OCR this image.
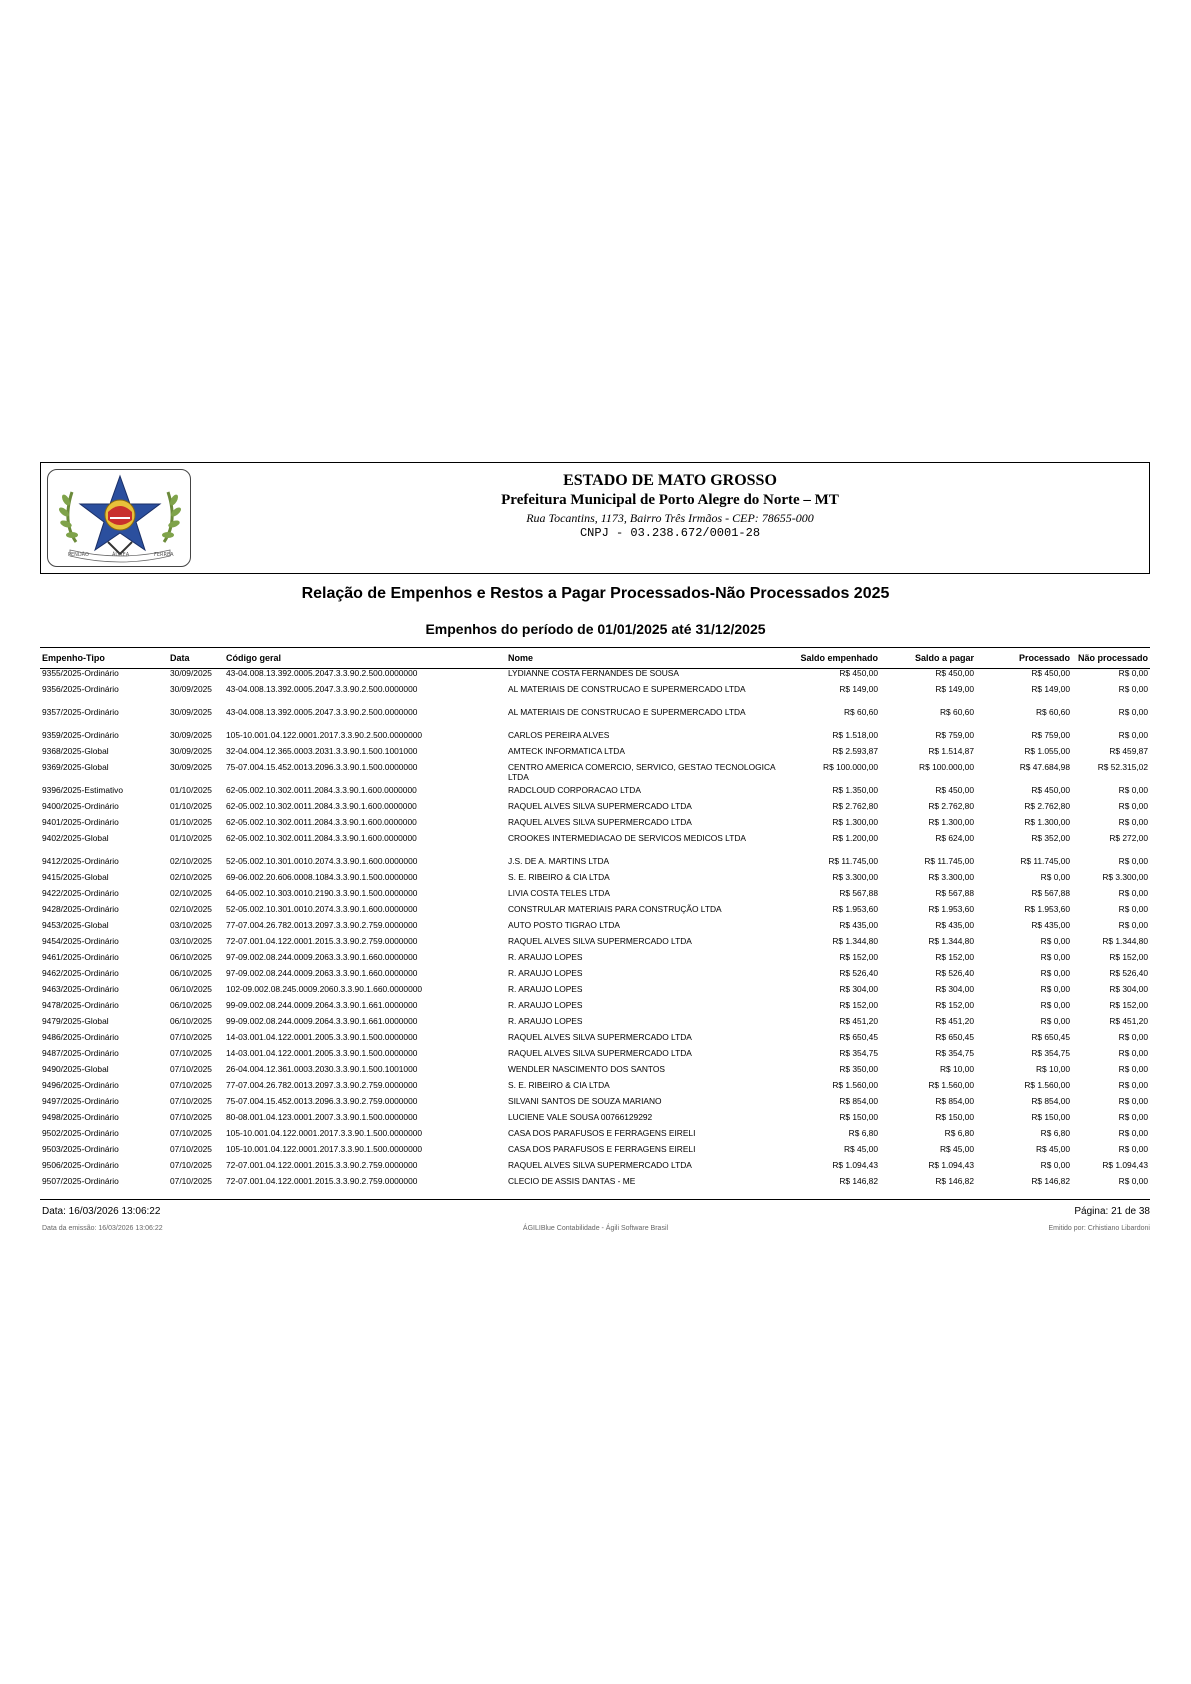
PENDÃO	ÁUREA	FERREA
ESTADO DE MATO GROSSO
Prefeitura Municipal de Porto Alegre do Norte – MT
Rua Tocantins, 1173, Bairro Três Irmãos - CEP: 78655-000
CNPJ - 03.238.672/0001-28
Relação de Empenhos e Restos a Pagar Processados-Não Processados 2025
Empenhos do período de 01/01/2025 até 31/12/2025
Empenho-Tipo	Data	Código geral	Nome	Saldo empenhado	Saldo a pagar	Processado	Não processado
9355/2025-Ordinário	30/09/2025	43-04.008.13.392.0005.2047.3.3.90.2.500.0000000	LYDIANNE COSTA FERNANDES DE SOUSA	R$ 450,00	R$ 450,00	R$ 450,00	R$ 0,00
9356/2025-Ordinário	30/09/2025	43-04.008.13.392.0005.2047.3.3.90.2.500.0000000	AL MATERIAIS DE CONSTRUCAO E SUPERMERCADO LTDA	R$ 149,00	R$ 149,00	R$ 149,00	R$ 0,00
9357/2025-Ordinário	30/09/2025	43-04.008.13.392.0005.2047.3.3.90.2.500.0000000	AL MATERIAIS DE CONSTRUCAO E SUPERMERCADO LTDA	R$ 60,60	R$ 60,60	R$ 60,60	R$ 0,00
9359/2025-Ordinário	30/09/2025	105-10.001.04.122.0001.2017.3.3.90.2.500.0000000	CARLOS PEREIRA ALVES	R$ 1.518,00	R$ 759,00	R$ 759,00	R$ 0,00
9368/2025-Global	30/09/2025	32-04.004.12.365.0003.2031.3.3.90.1.500.1001000	AMTECK INFORMATICA LTDA	R$ 2.593,87	R$ 1.514,87	R$ 1.055,00	R$ 459,87
9369/2025-Global	30/09/2025	75-07.004.15.452.0013.2096.3.3.90.1.500.0000000	CENTRO AMERICA COMERCIO, SERVICO, GESTAO TECNOLOGICA LTDA	R$ 100.000,00	R$ 100.000,00	R$ 47.684,98	R$ 52.315,02
9396/2025-Estimativo	01/10/2025	62-05.002.10.302.0011.2084.3.3.90.1.600.0000000	RADCLOUD CORPORACAO LTDA	R$ 1.350,00	R$ 450,00	R$ 450,00	R$ 0,00
9400/2025-Ordinário	01/10/2025	62-05.002.10.302.0011.2084.3.3.90.1.600.0000000	RAQUEL ALVES SILVA SUPERMERCADO LTDA	R$ 2.762,80	R$ 2.762,80	R$ 2.762,80	R$ 0,00
9401/2025-Ordinário	01/10/2025	62-05.002.10.302.0011.2084.3.3.90.1.600.0000000	RAQUEL ALVES SILVA SUPERMERCADO LTDA	R$ 1.300,00	R$ 1.300,00	R$ 1.300,00	R$ 0,00
9402/2025-Global	01/10/2025	62-05.002.10.302.0011.2084.3.3.90.1.600.0000000	CROOKES INTERMEDIACAO DE SERVICOS MEDICOS LTDA	R$ 1.200,00	R$ 624,00	R$ 352,00	R$ 272,00
9412/2025-Ordinário	02/10/2025	52-05.002.10.301.0010.2074.3.3.90.1.600.0000000	J.S. DE A. MARTINS LTDA	R$ 11.745,00	R$ 11.745,00	R$ 11.745,00	R$ 0,00
9415/2025-Global	02/10/2025	69-06.002.20.606.0008.1084.3.3.90.1.500.0000000	S. E. RIBEIRO & CIA LTDA	R$ 3.300,00	R$ 3.300,00	R$ 0,00	R$ 3.300,00
9422/2025-Ordinário	02/10/2025	64-05.002.10.303.0010.2190.3.3.90.1.500.0000000	LIVIA COSTA TELES LTDA	R$ 567,88	R$ 567,88	R$ 567,88	R$ 0,00
9428/2025-Ordinário	02/10/2025	52-05.002.10.301.0010.2074.3.3.90.1.600.0000000	CONSTRULAR MATERIAIS PARA CONSTRUÇÃO LTDA	R$ 1.953,60	R$ 1.953,60	R$ 1.953,60	R$ 0,00
9453/2025-Global	03/10/2025	77-07.004.26.782.0013.2097.3.3.90.2.759.0000000	AUTO POSTO TIGRAO LTDA	R$ 435,00	R$ 435,00	R$ 435,00	R$ 0,00
9454/2025-Ordinário	03/10/2025	72-07.001.04.122.0001.2015.3.3.90.2.759.0000000	RAQUEL ALVES SILVA SUPERMERCADO LTDA	R$ 1.344,80	R$ 1.344,80	R$ 0,00	R$ 1.344,80
9461/2025-Ordinário	06/10/2025	97-09.002.08.244.0009.2063.3.3.90.1.660.0000000	R. ARAUJO LOPES	R$ 152,00	R$ 152,00	R$ 0,00	R$ 152,00
9462/2025-Ordinário	06/10/2025	97-09.002.08.244.0009.2063.3.3.90.1.660.0000000	R. ARAUJO LOPES	R$ 526,40	R$ 526,40	R$ 0,00	R$ 526,40
9463/2025-Ordinário	06/10/2025	102-09.002.08.245.0009.2060.3.3.90.1.660.0000000	R. ARAUJO LOPES	R$ 304,00	R$ 304,00	R$ 0,00	R$ 304,00
9478/2025-Ordinário	06/10/2025	99-09.002.08.244.0009.2064.3.3.90.1.661.0000000	R. ARAUJO LOPES	R$ 152,00	R$ 152,00	R$ 0,00	R$ 152,00
9479/2025-Global	06/10/2025	99-09.002.08.244.0009.2064.3.3.90.1.661.0000000	R. ARAUJO LOPES	R$ 451,20	R$ 451,20	R$ 0,00	R$ 451,20
9486/2025-Ordinário	07/10/2025	14-03.001.04.122.0001.2005.3.3.90.1.500.0000000	RAQUEL ALVES SILVA SUPERMERCADO LTDA	R$ 650,45	R$ 650,45	R$ 650,45	R$ 0,00
9487/2025-Ordinário	07/10/2025	14-03.001.04.122.0001.2005.3.3.90.1.500.0000000	RAQUEL ALVES SILVA SUPERMERCADO LTDA	R$ 354,75	R$ 354,75	R$ 354,75	R$ 0,00
9490/2025-Global	07/10/2025	26-04.004.12.361.0003.2030.3.3.90.1.500.1001000	WENDLER NASCIMENTO DOS SANTOS	R$ 350,00	R$ 10,00	R$ 10,00	R$ 0,00
9496/2025-Ordinário	07/10/2025	77-07.004.26.782.0013.2097.3.3.90.2.759.0000000	S. E. RIBEIRO & CIA LTDA	R$ 1.560,00	R$ 1.560,00	R$ 1.560,00	R$ 0,00
9497/2025-Ordinário	07/10/2025	75-07.004.15.452.0013.2096.3.3.90.2.759.0000000	SILVANI SANTOS DE SOUZA MARIANO	R$ 854,00	R$ 854,00	R$ 854,00	R$ 0,00
9498/2025-Ordinário	07/10/2025	80-08.001.04.123.0001.2007.3.3.90.1.500.0000000	LUCIENE VALE SOUSA 00766129292	R$ 150,00	R$ 150,00	R$ 150,00	R$ 0,00
9502/2025-Ordinário	07/10/2025	105-10.001.04.122.0001.2017.3.3.90.1.500.0000000	CASA DOS PARAFUSOS E FERRAGENS EIRELI	R$ 6,80	R$ 6,80	R$ 6,80	R$ 0,00
9503/2025-Ordinário	07/10/2025	105-10.001.04.122.0001.2017.3.3.90.1.500.0000000	CASA DOS PARAFUSOS E FERRAGENS EIRELI	R$ 45,00	R$ 45,00	R$ 45,00	R$ 0,00
9506/2025-Ordinário	07/10/2025	72-07.001.04.122.0001.2015.3.3.90.2.759.0000000	RAQUEL ALVES SILVA SUPERMERCADO LTDA	R$ 1.094,43	R$ 1.094,43	R$ 0,00	R$ 1.094,43
9507/2025-Ordinário	07/10/2025	72-07.001.04.122.0001.2015.3.3.90.2.759.0000000	CLECIO DE ASSIS DANTAS - ME	R$ 146,82	R$ 146,82	R$ 146,82	R$ 0,00
Data: 16/03/2026 13:06:22	Página: 21 de 38
Data da emissão: 16/03/2026 13:06:22	ÁGILIBlue Contabilidade - Ágili Software Brasil	Emitido por: Crhistiano Libardoni
